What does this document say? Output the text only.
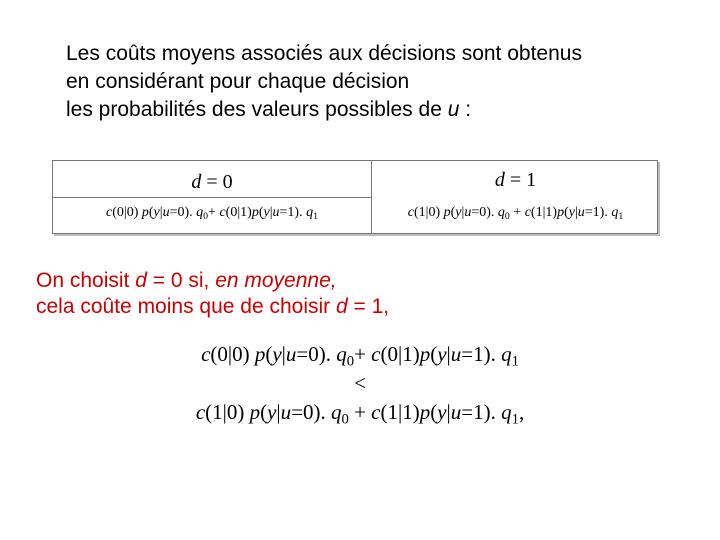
Les coûts moyens associés aux décisions sont obtenus
en considérant pour chaque décision
les probabilités des valeurs possibles de u :
d = 0
c(0|0) p(y|u=0). $q_0+ c(0|1)p(y|u=1)$. $q_1$
d = 1
c(1|0) p(y|u=0). $q_0 + c(1|1)p(y|u=1)$. $q_1$
On choisit d = 0 si, en moyenne,
cela coûte moins que de choisir d = 1,
c(0|0) p(y|u=0). $q_0+ c(0|1)p(y|u=1)$. $q_1$
<
c(1|0) p(y|u=0). $q_0 + c(1|1)p(y|u=1)$. $q_1$,
